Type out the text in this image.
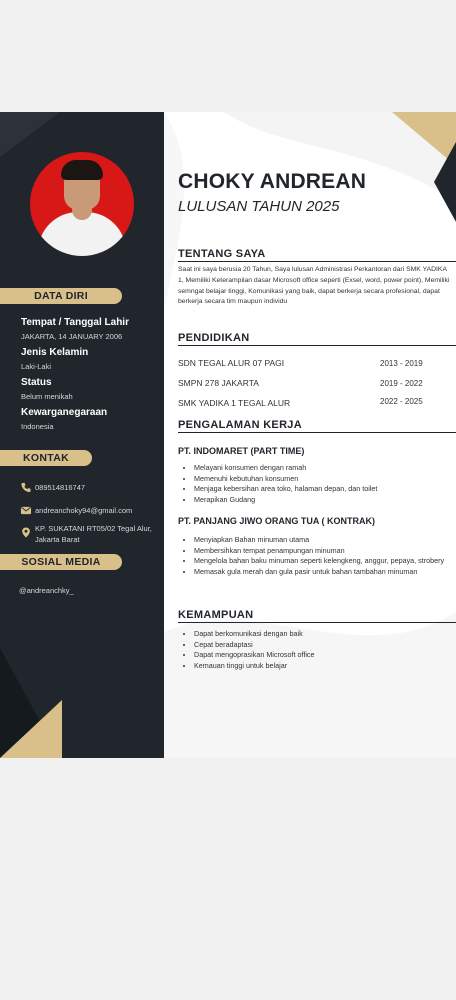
DATA DIRI
Tempat / Tanggal Lahir
JAKARTA, 14 JANUARY 2006
Jenis Kelamin
Laki-Laki
Status
Belum menikah
Kewarganegaraan
Indonesia
KONTAK
089514816747
andreanchoky94@gmail.com
KP. SUKATANI RT05/02 Tegal Alur, Jakarta Barat
SOSIAL MEDIA
@andreanchky_
CHOKY ANDREAN
LULUSAN TAHUN 2025
TENTANG SAYA
Saat ini saya berusia 20 Tahun, Saya lulusan Administrasi Perkantoran dari SMK YADIKA 1, Memiliki Keterampilan dasar Microsoft office seperti (Exsel, word, power point), Memiliki semngat belajar tinggi, Komunikasi yang baik, dapat berkerja secara profesional, dapat berkerja secara tim maupun individu
PENDIDIKAN
SDN TEGAL ALUR 07 PAGI	2013 - 2019
SMPN 278 JAKARTA	2019 - 2022
SMK YADIKA 1 TEGAL ALUR	2022 - 2025
PENGALAMAN KERJA
PT. INDOMARET (PART TIME)
• Melayani konsumen dengan ramah
• Memenuhi kebutuhan konsumen
• Menjaga kebersihan area toko, halaman depan, dan toilet
• Merapikan Gudang
PT. PANJANG JIWO ORANG TUA ( KONTRAK)
• Menyiapkan Bahan minuman utama
• Membersihkan tempat penampungan minuman
• Mengelola bahan baku minuman seperti kelengkeng, anggur, pepaya, strobery
• Memasak gula merah dan gula pasir untuk bahan tambahan minuman
KEMAMPUAN
• Dapat berkomunikasi dengan baik
• Cepat beradaptasi
• Dapat mengoprasikan Microsoft office
• Kemauan tinggi untuk belajar
